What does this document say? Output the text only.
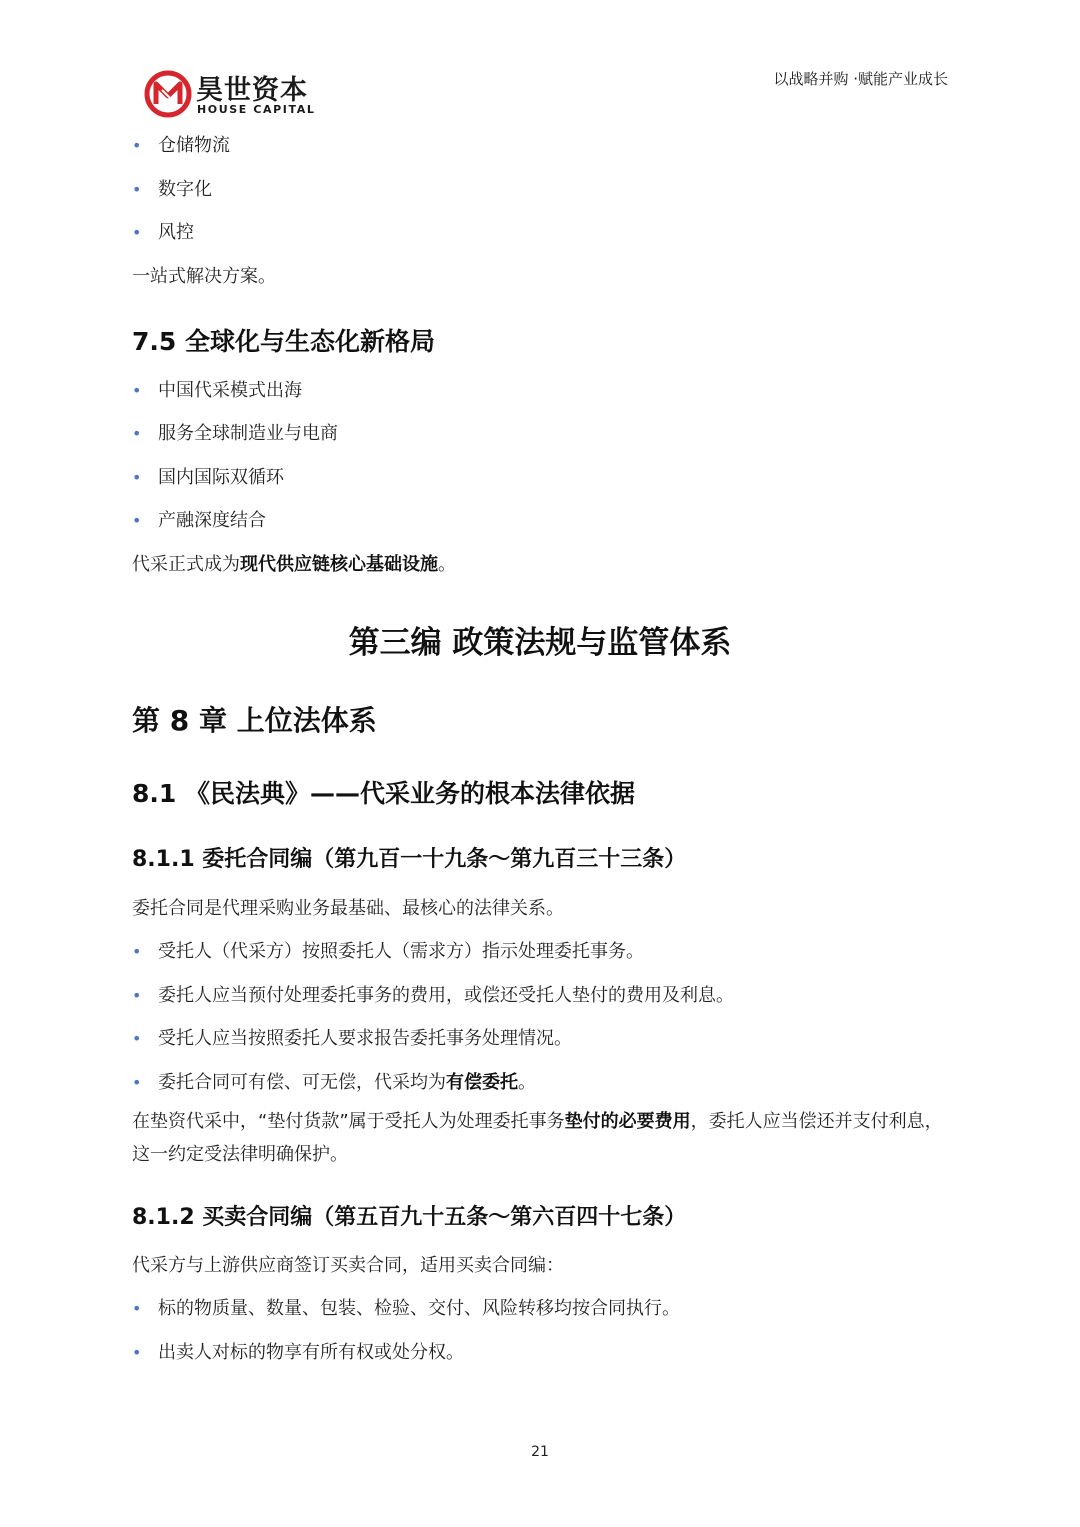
昊世资本
HOUSE CAPITAL
以战略并购 ·赋能产业成长
• 仓储物流
• 数字化
• 风控
一站式解决方案。
7.5 全球化与生态化新格局
• 中国代采模式出海
• 服务全球制造业与电商
• 国内国际双循环
• 产融深度结合
代采正式成为现代供应链核心基础设施。
第三编 政策法规与监管体系
第 8 章 上位法体系
8.1 《民法典》——代采业务的根本法律依据
8.1.1 委托合同编（第九百一十九条～第九百三十三条）
委托合同是代理采购业务最基础、最核心的法律关系。
• 受托人（代采方）按照委托人（需求方）指示处理委托事务。
• 委托人应当预付处理委托事务的费用，或偿还受托人垫付的费用及利息。
• 受托人应当按照委托人要求报告委托事务处理情况。
• 委托合同可有偿、可无偿，代采均为有偿委托。
在垫资代采中，“垫付货款”属于受托人为处理委托事务垫付的必要费用，委托人应当偿还并支付利息，这一约定受法律明确保护。
8.1.2 买卖合同编（第五百九十五条～第六百四十七条）
代采方与上游供应商签订买卖合同，适用买卖合同编：
• 标的物质量、数量、包装、检验、交付、风险转移均按合同执行。
• 出卖人对标的物享有所有权或处分权。
21
